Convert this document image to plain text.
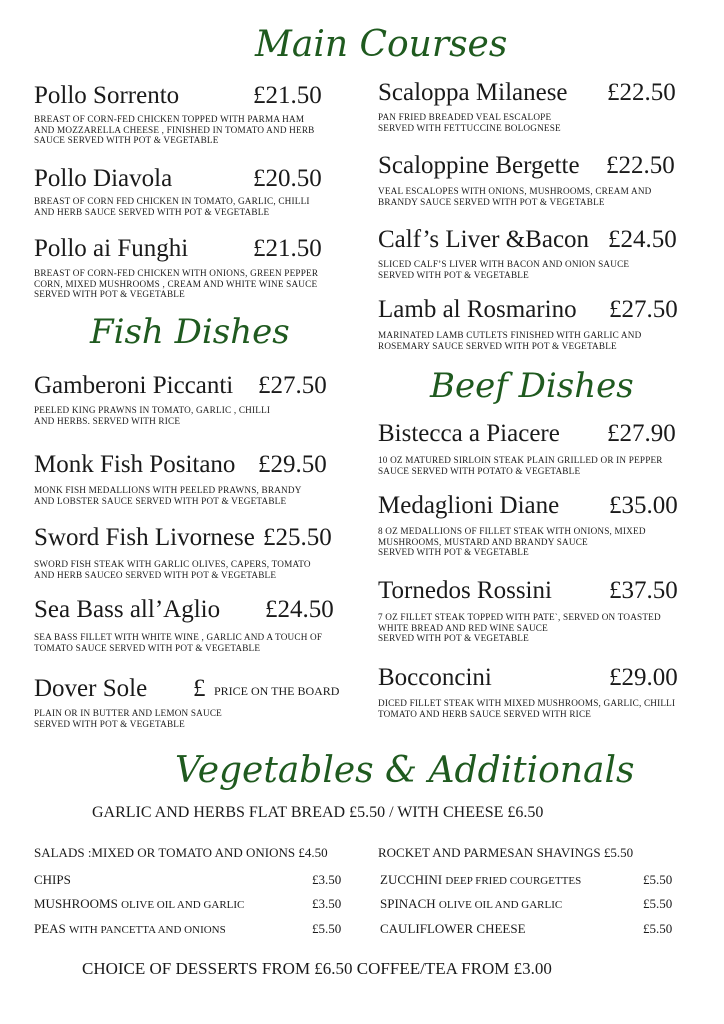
Main Courses
Fish Dishes
Beef Dishes
Vegetables & Additionals
Pollo Sorrento	£21.50
BREAST OF CORN-FED CHICKEN TOPPED WITH PARMA HAM
AND MOZZARELLA CHEESE , FINISHED IN TOMATO AND HERB
SAUCE SERVED WITH POT & VEGETABLE
Pollo Diavola	£20.50
BREAST OF CORN FED CHICKEN IN TOMATO, GARLIC, CHILLI
AND HERB SAUCE SERVED WITH POT & VEGETABLE
Pollo ai Funghi	£21.50
BREAST OF CORN-FED CHICKEN WITH ONIONS, GREEN PEPPER
CORN, MIXED MUSHROOMS , CREAM AND WHITE WINE SAUCE
SERVED WITH POT & VEGETABLE
Gamberoni Piccanti £27.50
PEELED KING PRAWNS IN TOMATO, GARLIC , CHILLI
AND HERBS. SERVED WITH RICE
Monk Fish Positano £29.50
MONK FISH MEDALLIONS WITH PEELED PRAWNS, BRANDY
AND LOBSTER SAUCE SERVED WITH POT & VEGETABLE
Sword Fish Livornese £25.50
SWORD FISH STEAK WITH GARLIC OLIVES, CAPERS, TOMATO
AND HERB SAUCEO SERVED WITH POT & VEGETABLE
Sea Bass all’Aglio £24.50
SEA BASS FILLET WITH WHITE WINE , GARLIC AND A TOUCH OF
TOMATO SAUCE SERVED WITH POT & VEGETABLE
Dover Sole £ PRICE ON THE BOARD
PLAIN OR IN BUTTER AND LEMON SAUCE
SERVED WITH POT & VEGETABLE
Scaloppa Milanese £22.50
PAN FRIED BREADED VEAL ESCALOPE
SERVED WITH FETTUCCINE BOLOGNESE
Scaloppine Bergette £22.50
VEAL ESCALOPES WITH ONIONS, MUSHROOMS, CREAM AND
BRANDY SAUCE SERVED WITH POT & VEGETABLE
Calf’s Liver &Bacon £24.50
SLICED CALF’S LIVER WITH BACON AND ONION SAUCE
SERVED WITH POT & VEGETABLE
Lamb al Rosmarino £27.50
MARINATED LAMB CUTLETS FINISHED WITH GARLIC AND
ROSEMARY SAUCE SERVED WITH POT & VEGETABLE
Bistecca a Piacere £27.90
10 OZ MATURED SIRLOIN STEAK PLAIN GRILLED OR IN PEPPER
SAUCE SERVED WITH POTATO & VEGETABLE
Medaglioni Diane £35.00
8 OZ MEDALLIONS OF FILLET STEAK WITH ONIONS, MIXED
MUSHROOMS, MUSTARD AND BRANDY SAUCE
SERVED WITH POT & VEGETABLE
Tornedos Rossini £37.50
7 OZ FILLET STEAK TOPPED WITH PATE`, SERVED ON TOASTED
WHITE BREAD AND RED WINE SAUCE
SERVED WITH POT & VEGETABLE
Bocconcini	£29.00
DICED FILLET STEAK WITH MIXED MUSHROOMS, GARLIC, CHILLI
TOMATO AND HERB SAUCE SERVED WITH RICE
GARLIC AND HERBS FLAT BREAD £5.50 / WITH CHEESE £6.50
SALADS :MIXED OR TOMATO AND ONIONS £4.50	ROCKET AND PARMESAN SHAVINGS £5.50
CHIPS	£3.50
MUSHROOMS OLIVE OIL AND GARLIC	£3.50
PEAS WITH PANCETTA AND ONIONS	£5.50
ZUCCHINI DEEP FRIED COURGETTES	£5.50
SPINACH OLIVE OIL AND GARLIC	£5.50
CAULIFLOWER CHEESE	£5.50
CHOICE OF DESSERTS FROM £6.50 COFFEE/TEA FROM £3.00
